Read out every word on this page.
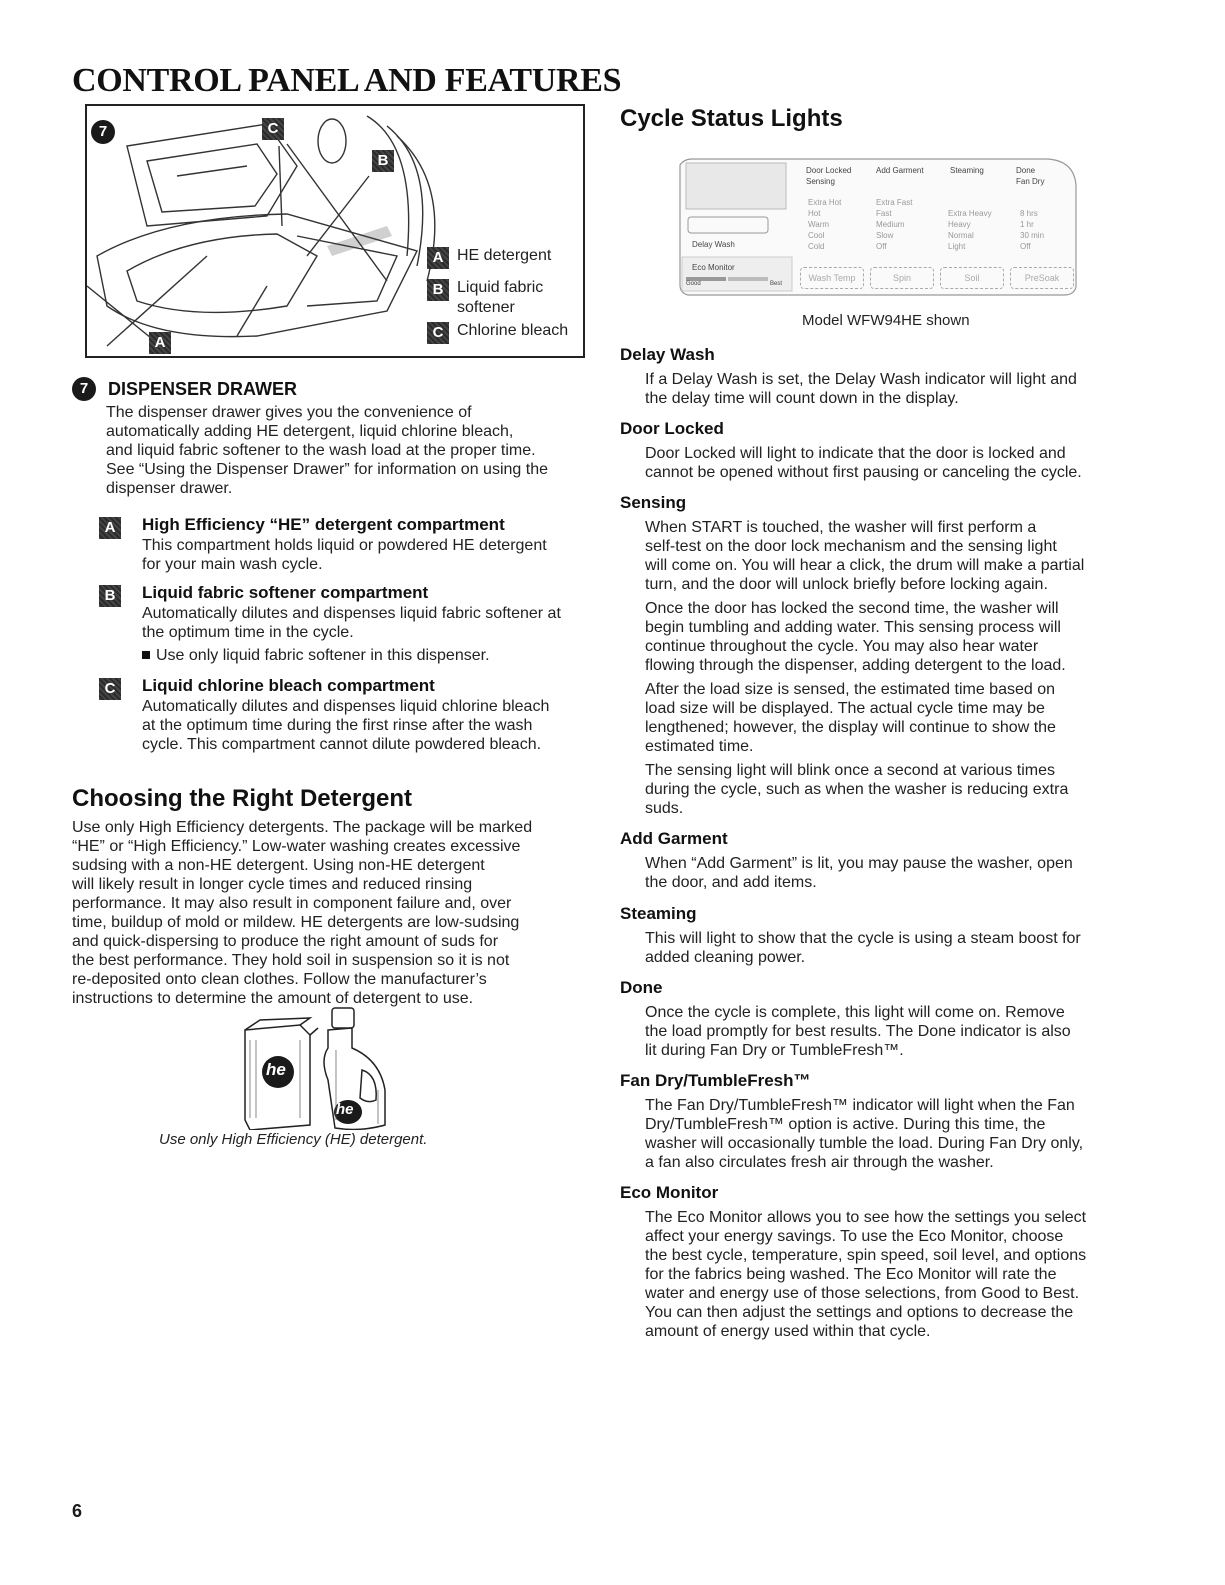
CONTROL PANEL AND FEATURES
C
B
A
7
A HE detergent
B Liquid fabric
softener
C Chlorine bleach
7	DISPENSER DRAWER
The dispenser drawer gives you the convenience of
automatically adding HE detergent, liquid chlorine bleach,
and liquid fabric softener to the wash load at the proper time.
See “Using the Dispenser Drawer” for information on using the
dispenser drawer.
A	High Efficiency “HE” detergent compartment
This compartment holds liquid or powdered HE detergent
for your main wash cycle.
B	Liquid fabric softener compartment
Automatically dilutes and dispenses liquid fabric softener at
the optimum time in the cycle.
Use only liquid fabric softener in this dispenser.
C	Liquid chlorine bleach compartment
Automatically dilutes and dispenses liquid chlorine bleach
at the optimum time during the first rinse after the wash
cycle. This compartment cannot dilute powdered bleach.
Choosing the Right Detergent
Use only High Efficiency detergents. The package will be marked
“HE” or “High Efficiency.” Low-water washing creates excessive
sudsing with a non-HE detergent. Using non-HE detergent
will likely result in longer cycle times and reduced rinsing
performance. It may also result in component failure and, over
time, buildup of mold or mildew. HE detergents are low-sudsing
and quick-dispersing to produce the right amount of suds for
the best performance. They hold soil in suspension so it is not
re-deposited onto clean clothes. Follow the manufacturer’s
instructions to determine the amount of detergent to use.
he
he
Use only High Efficiency (HE) detergent.
Cycle Status Lights
Door Locked	Add Garment	Steaming	Done
Sensing	Fan Dry
Extra Hot
Hot
Warm
Cool
Cold
Extra Fast
Fast
Medium
Slow
Off
Extra Heavy
Heavy
Normal
Light
8 hrs
1 hr
30 min
Off
Delay Wash
Eco Monitor
Good	Best
Wash Temp	Spin	Soil	PreSoak
Model WFW94HE shown
Delay Wash
If a Delay Wash is set, the Delay Wash indicator will light and
the delay time will count down in the display.
Door Locked
Door Locked will light to indicate that the door is locked and
cannot be opened without first pausing or canceling the cycle.
Sensing
When START is touched, the washer will first perform a
self-test on the door lock mechanism and the sensing light
will come on. You will hear a click, the drum will make a partial
turn, and the door will unlock briefly before locking again.
Once the door has locked the second time, the washer will
begin tumbling and adding water. This sensing process will
continue throughout the cycle. You may also hear water
flowing through the dispenser, adding detergent to the load.
After the load size is sensed, the estimated time based on
load size will be displayed. The actual cycle time may be
lengthened; however, the display will continue to show the
estimated time.
The sensing light will blink once a second at various times
during the cycle, such as when the washer is reducing extra
suds.
Add Garment
When “Add Garment” is lit, you may pause the washer, open
the door, and add items.
Steaming
This will light to show that the cycle is using a steam boost for
added cleaning power.
Done
Once the cycle is complete, this light will come on. Remove
the load promptly for best results. The Done indicator is also
lit during Fan Dry or TumbleFresh™.
Fan Dry/TumbleFresh™
The Fan Dry/TumbleFresh™ indicator will light when the Fan
Dry/TumbleFresh™ option is active. During this time, the
washer will occasionally tumble the load. During Fan Dry only,
a fan also circulates fresh air through the washer.
Eco Monitor
The Eco Monitor allows you to see how the settings you select
affect your energy savings. To use the Eco Monitor, choose
the best cycle, temperature, spin speed, soil level, and options
for the fabrics being washed. The Eco Monitor will rate the
water and energy use of those selections, from Good to Best.
You can then adjust the settings and options to decrease the
amount of energy used within that cycle.
6
